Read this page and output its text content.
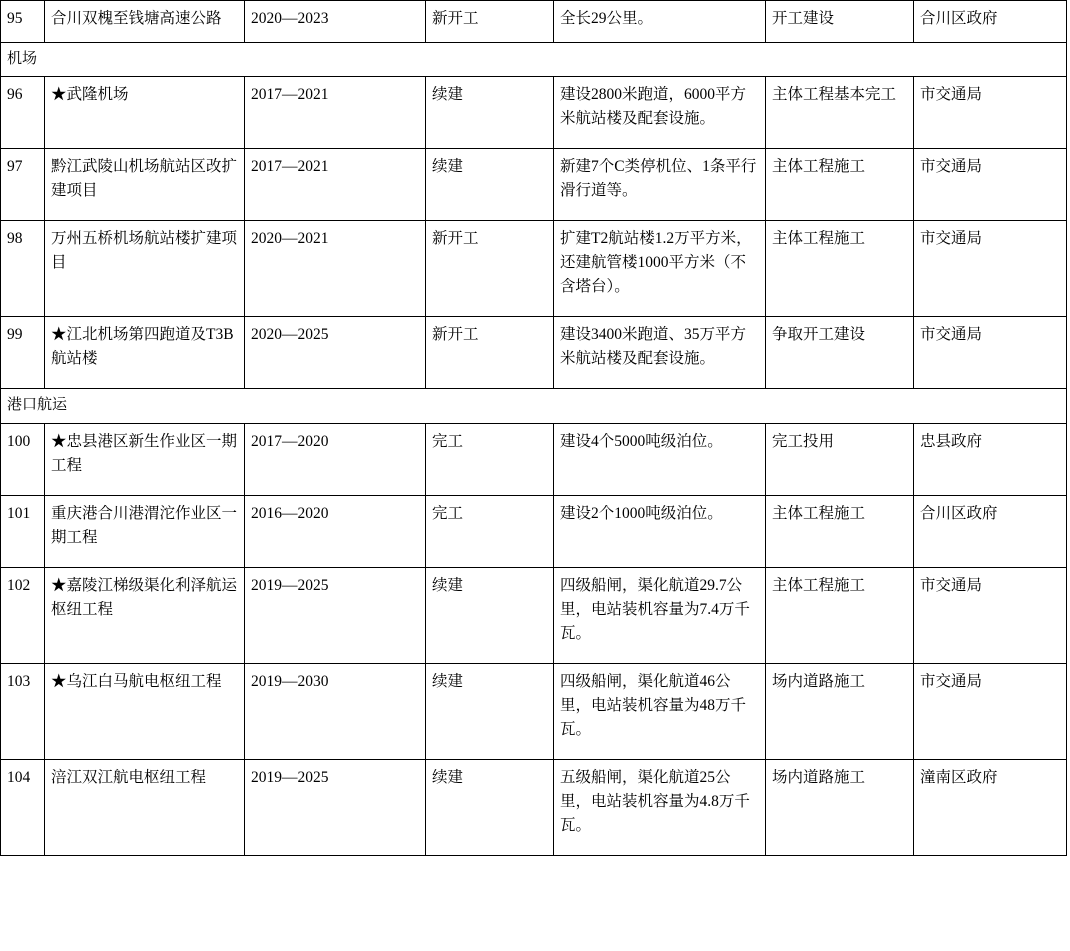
95	合川双槐至钱塘高速公路	2020—2023	新开工	全长29公里。	开工建设	合川区政府
机场						
96	★武隆机场	2017—2021	续建	建设2800米跑道，6000平方米航站楼及配套设施。	主体工程基本完工	市交通局
97	黔江武陵山机场航站区改扩建项目	2017—2021	续建	新建7个C类停机位、1条平行滑行道等。	主体工程施工	市交通局
98	万州五桥机场航站楼扩建项目	2020—2021	新开工	扩建T2航站楼1.2万平方米，还建航管楼1000平方米（不含塔台）。	主体工程施工	市交通局
99	★江北机场第四跑道及T3B航站楼	2020—2025	新开工	建设3400米跑道、35万平方米航站楼及配套设施。	争取开工建设	市交通局
港口航运						
100	★忠县港区新生作业区一期工程	2017—2020	完工	建设4个5000吨级泊位。	完工投用	忠县政府
101	重庆港合川港渭沱作业区一期工程	2016—2020	完工	建设2个1000吨级泊位。	主体工程施工	合川区政府
102	★嘉陵江梯级渠化利泽航运枢纽工程	2019—2025	续建	四级船闸，渠化航道29.7公里，电站装机容量为7.4万千瓦。	主体工程施工	市交通局
103	★乌江白马航电枢纽工程	2019—2030	续建	四级船闸，渠化航道46公里，电站装机容量为48万千瓦。	场内道路施工	市交通局
104	涪江双江航电枢纽工程	2019—2025	续建	五级船闸，渠化航道25公里，电站装机容量为4.8万千瓦。	场内道路施工	潼南区政府
